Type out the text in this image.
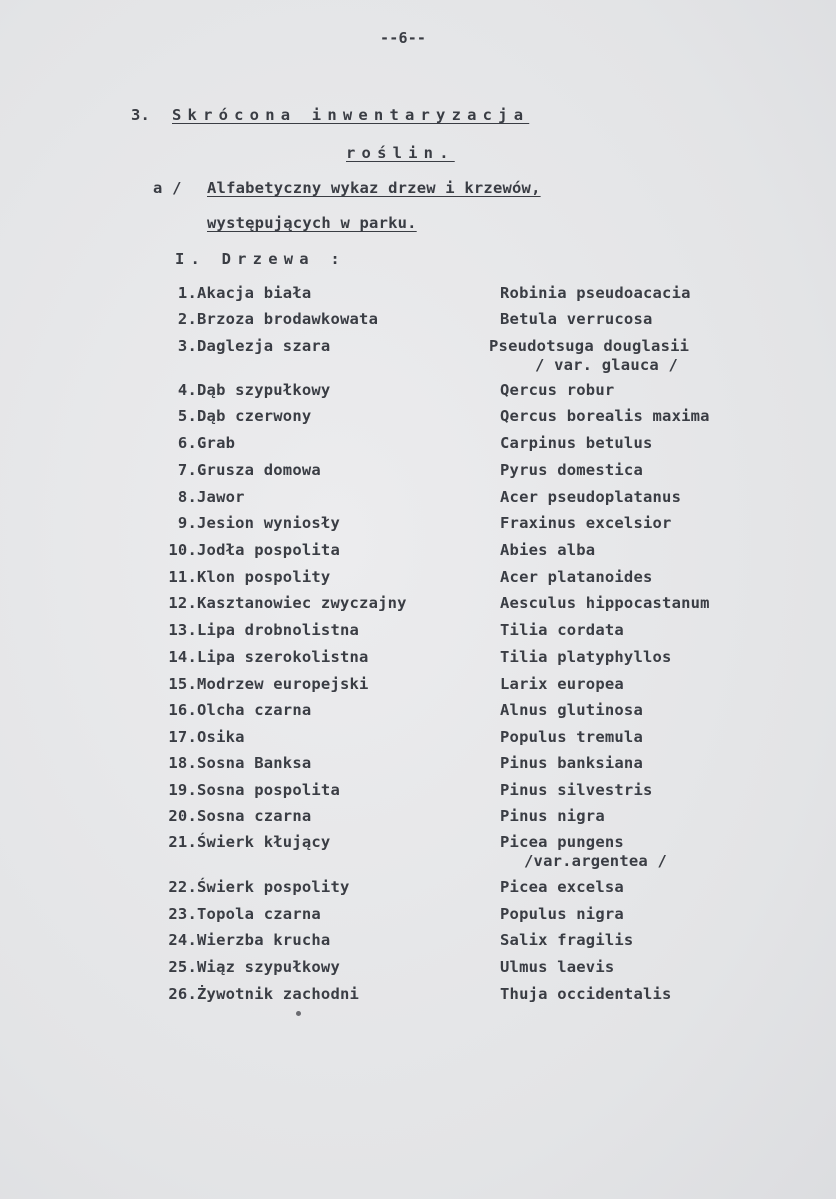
--6--
3. Skrócona inwentaryzacja
roślin.
a / Alfabetyczny wykaz drzew i krzewów,
występujących w parku.
I. Drzewa :
1.Akacja biała	Robinia pseudoacacia
2.Brzoza brodawkowata	Betula verrucosa
3.Daglezja szara	Pseudotsuga douglasii
/ var. glauca /
4.Dąb szypułkowy	Qercus robur
5.Dąb czerwony	Qercus borealis maxima
6.Grab	Carpinus betulus
7.Grusza domowa	Pyrus domestica
8.Jawor	Acer pseudoplatanus
9.Jesion wyniosły	Fraxinus excelsior
10.Jodła pospolita	Abies alba
11.Klon pospolity	Acer platanoides
12.Kasztanowiec zwyczajny	Aesculus hippocastanum
13.Lipa drobnolistna	Tilia cordata
14.Lipa szerokolistna	Tilia platyphyllos
15.Modrzew europejski	Larix europea
16.Olcha czarna	Alnus glutinosa
17.Osika	Populus tremula
18.Sosna Banksa	Pinus banksiana
19.Sosna pospolita	Pinus silvestris
20.Sosna czarna	Pinus nigra
21.Świerk kłujący	Picea pungens
/var.argentea /
22.Świerk pospolity	Picea excelsa
23.Topola czarna	Populus nigra
24.Wierzba krucha	Salix fragilis
25.Wiąz szypułkowy	Ulmus laevis
26.Żywotnik zachodni	Thuja occidentalis
